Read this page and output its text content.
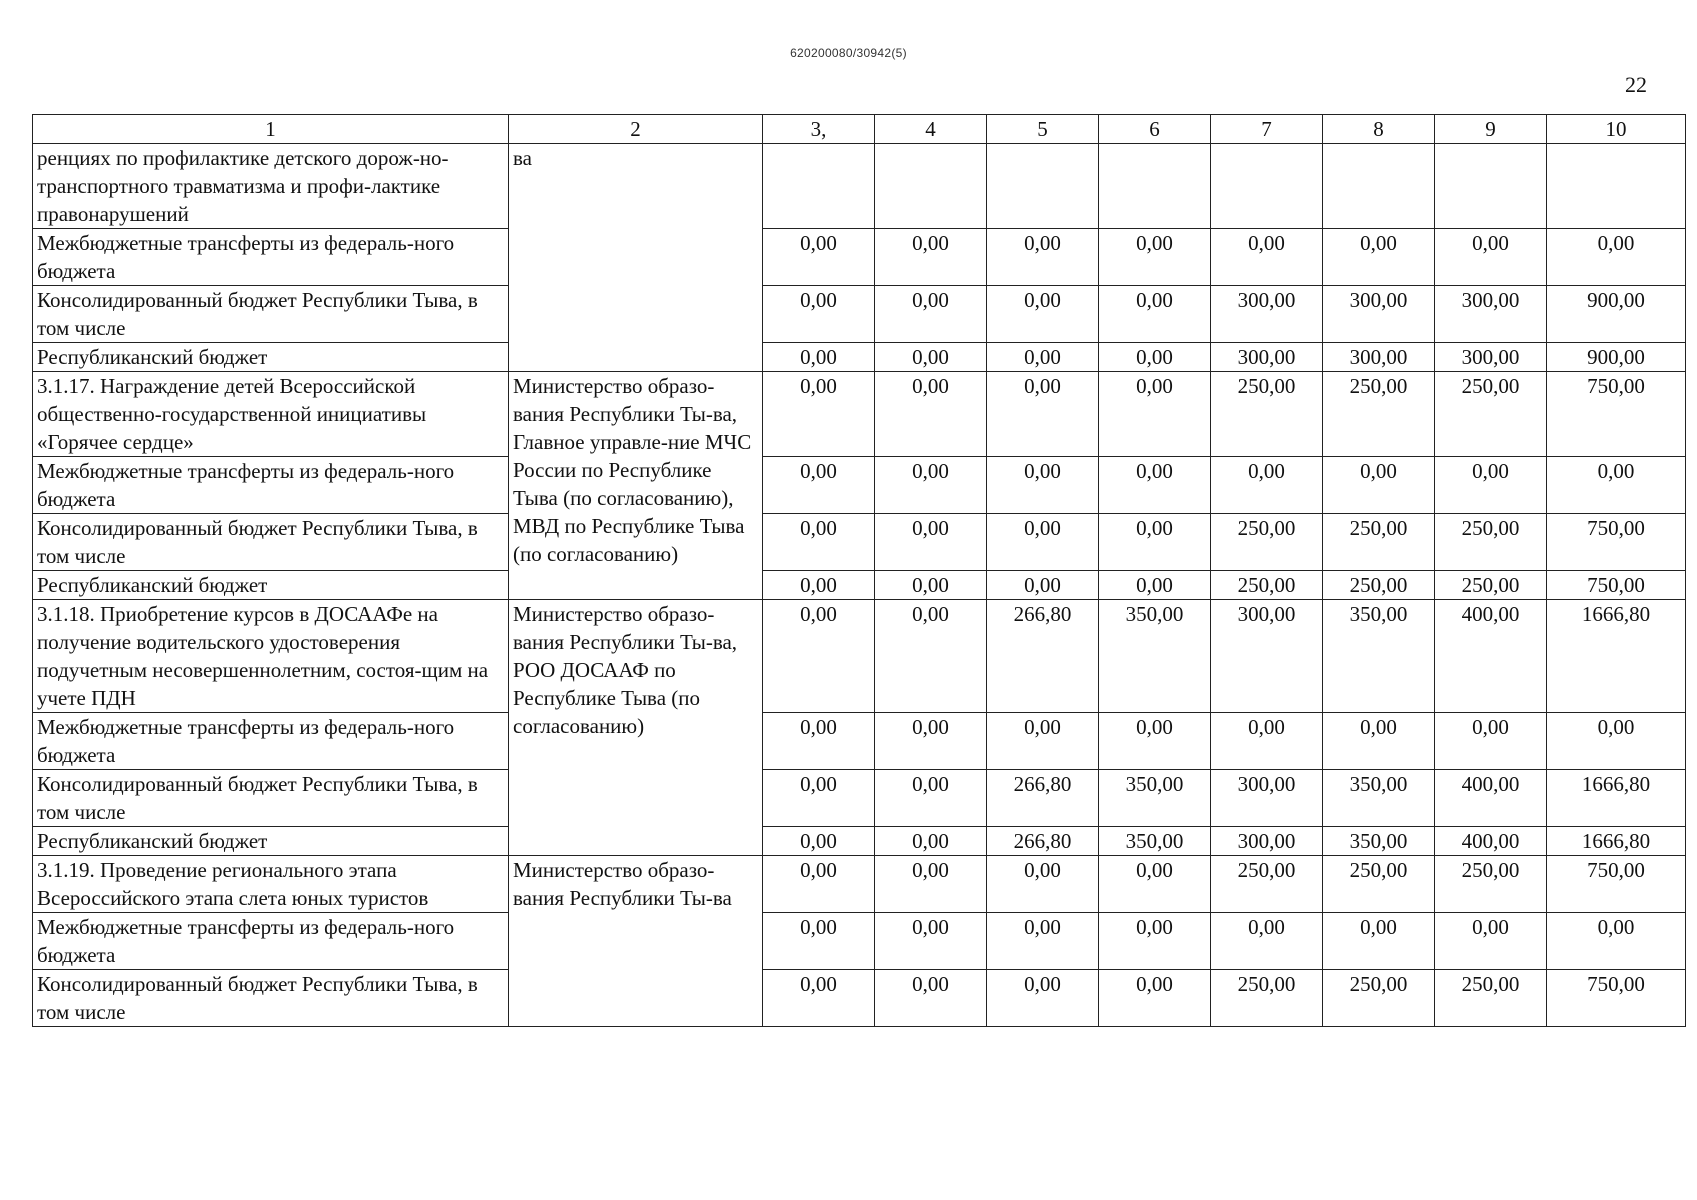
620200080/30942(5)
22
1	2	3,	4	5	6	7	8	9	10
ренциях по профилактике детского дорож-но-транспортного травматизма и профи-лактике правонарушений	ва								
Межбюджетные трансферты из федераль-ного бюджета		0,00	0,00	0,00	0,00	0,00	0,00	0,00	0,00
Консолидированный бюджет Республики Тыва, в том числе		0,00	0,00	0,00	0,00	300,00	300,00	300,00	900,00
Республиканский бюджет		0,00	0,00	0,00	0,00	300,00	300,00	300,00	900,00
3.1.17. Награждение детей Всероссийской общественно-государственной инициативы «Горячее сердце»	Министерство образо-вания Республики Ты-ва, Главное управле-ние МЧС России по Республике Тыва (по согласованию), МВД по Республике Тыва (по согласованию)	0,00	0,00	0,00	0,00	250,00	250,00	250,00	750,00
Межбюджетные трансферты из федераль-ного бюджета		0,00	0,00	0,00	0,00	0,00	0,00	0,00	0,00
Консолидированный бюджет Республики Тыва, в том числе		0,00	0,00	0,00	0,00	250,00	250,00	250,00	750,00
Республиканский бюджет		0,00	0,00	0,00	0,00	250,00	250,00	250,00	750,00
3.1.18. Приобретение курсов в ДОСААФе на получение водительского удостоверения подучетным несовершеннолетним, состоя-щим на учете ПДН	Министерство образо-вания Республики Ты-ва, РОО ДОСААФ по Республике Тыва (по согласованию)	0,00	0,00	266,80	350,00	300,00	350,00	400,00	1666,80
Межбюджетные трансферты из федераль-ного бюджета		0,00	0,00	0,00	0,00	0,00	0,00	0,00	0,00
Консолидированный бюджет Республики Тыва, в том числе		0,00	0,00	266,80	350,00	300,00	350,00	400,00	1666,80
Республиканский бюджет		0,00	0,00	266,80	350,00	300,00	350,00	400,00	1666,80
3.1.19. Проведение регионального этапа Всероссийского этапа слета юных туристов	Министерство образо-вания Республики Ты-ва	0,00	0,00	0,00	0,00	250,00	250,00	250,00	750,00
Межбюджетные трансферты из федераль-ного бюджета		0,00	0,00	0,00	0,00	0,00	0,00	0,00	0,00
Консолидированный бюджет Республики Тыва, в том числе		0,00	0,00	0,00	0,00	250,00	250,00	250,00	750,00
